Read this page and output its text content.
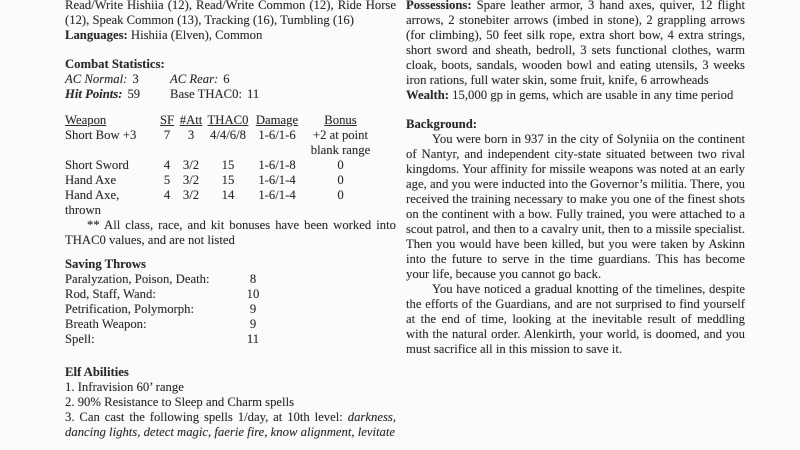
Read/Write Hishiia (12), Read/Write Common (12), Ride Horse (12), Speak Common (13), Tracking (16), Tumbling (16)
Languages: Hishiia (Elven), Common
Combat Statistics:
AC Normal: 3 AC Rear: 6
Hit Points: 59 Base THAC0: 11
Weapon	SF	#Att	THAC0	Damage	Bonus
Short Bow +3	7	3	4/4/6/8	1-6/1-6	+2 at point blank range
Short Sword	4	3/2	15	1-6/1-8	0
Hand Axe	5	3/2	15	1-6/1-4	0
Hand Axe, thrown	4	3/2	14	1-6/1-4	0
** All class, race, and kit bonuses have been worked into THAC0 values, and are not listed
Saving Throws
Paralyzation, Poison, Death:	8
Rod, Staff, Wand:	10
Petrification, Polymorph:	9
Breath Weapon:	9
Spell:	11
Elf Abilities
1. Infravision 60’ range
2. 90% Resistance to Sleep and Charm spells
3. Can cast the following spells 1/day, at 10th level: darkness, dancing lights, detect magic, faerie fire, know alignment, levitate
Possessions: Spare leather armor, 3 hand axes, quiver, 12 flight arrows, 2 stonebiter arrows (imbed in stone), 2 grappling arrows (for climbing), 50 feet silk rope, extra short bow, 4 extra strings, short sword and sheath, bedroll, 3 sets functional clothes, warm cloak, boots, sandals, wooden bowl and eating utensils, 3 weeks iron rations, full water skin, some fruit, knife, 6 arrowheads
Wealth: 15,000 gp in gems, which are usable in any time period
Background:
You were born in 937 in the city of Solyniia on the continent of Nantyr, and independent city-state situated between two rival kingdoms. Your affinity for missile weapons was noted at an early age, and you were inducted into the Governor’s militia. There, you received the training necessary to make you one of the finest shots on the continent with a bow. Fully trained, you were attached to a scout patrol, and then to a cavalry unit, then to a missile specialist. Then you would have been killed, but you were taken by Askinn into the future to serve in the time guardians. This has become your life, because you cannot go back.
You have noticed a gradual knotting of the timelines, despite the efforts of the Guardians, and are not surprised to find yourself at the end of time, looking at the inevitable result of meddling with the natural order. Alenkirth, your world, is doomed, and you must sacrifice all in this mission to save it.
